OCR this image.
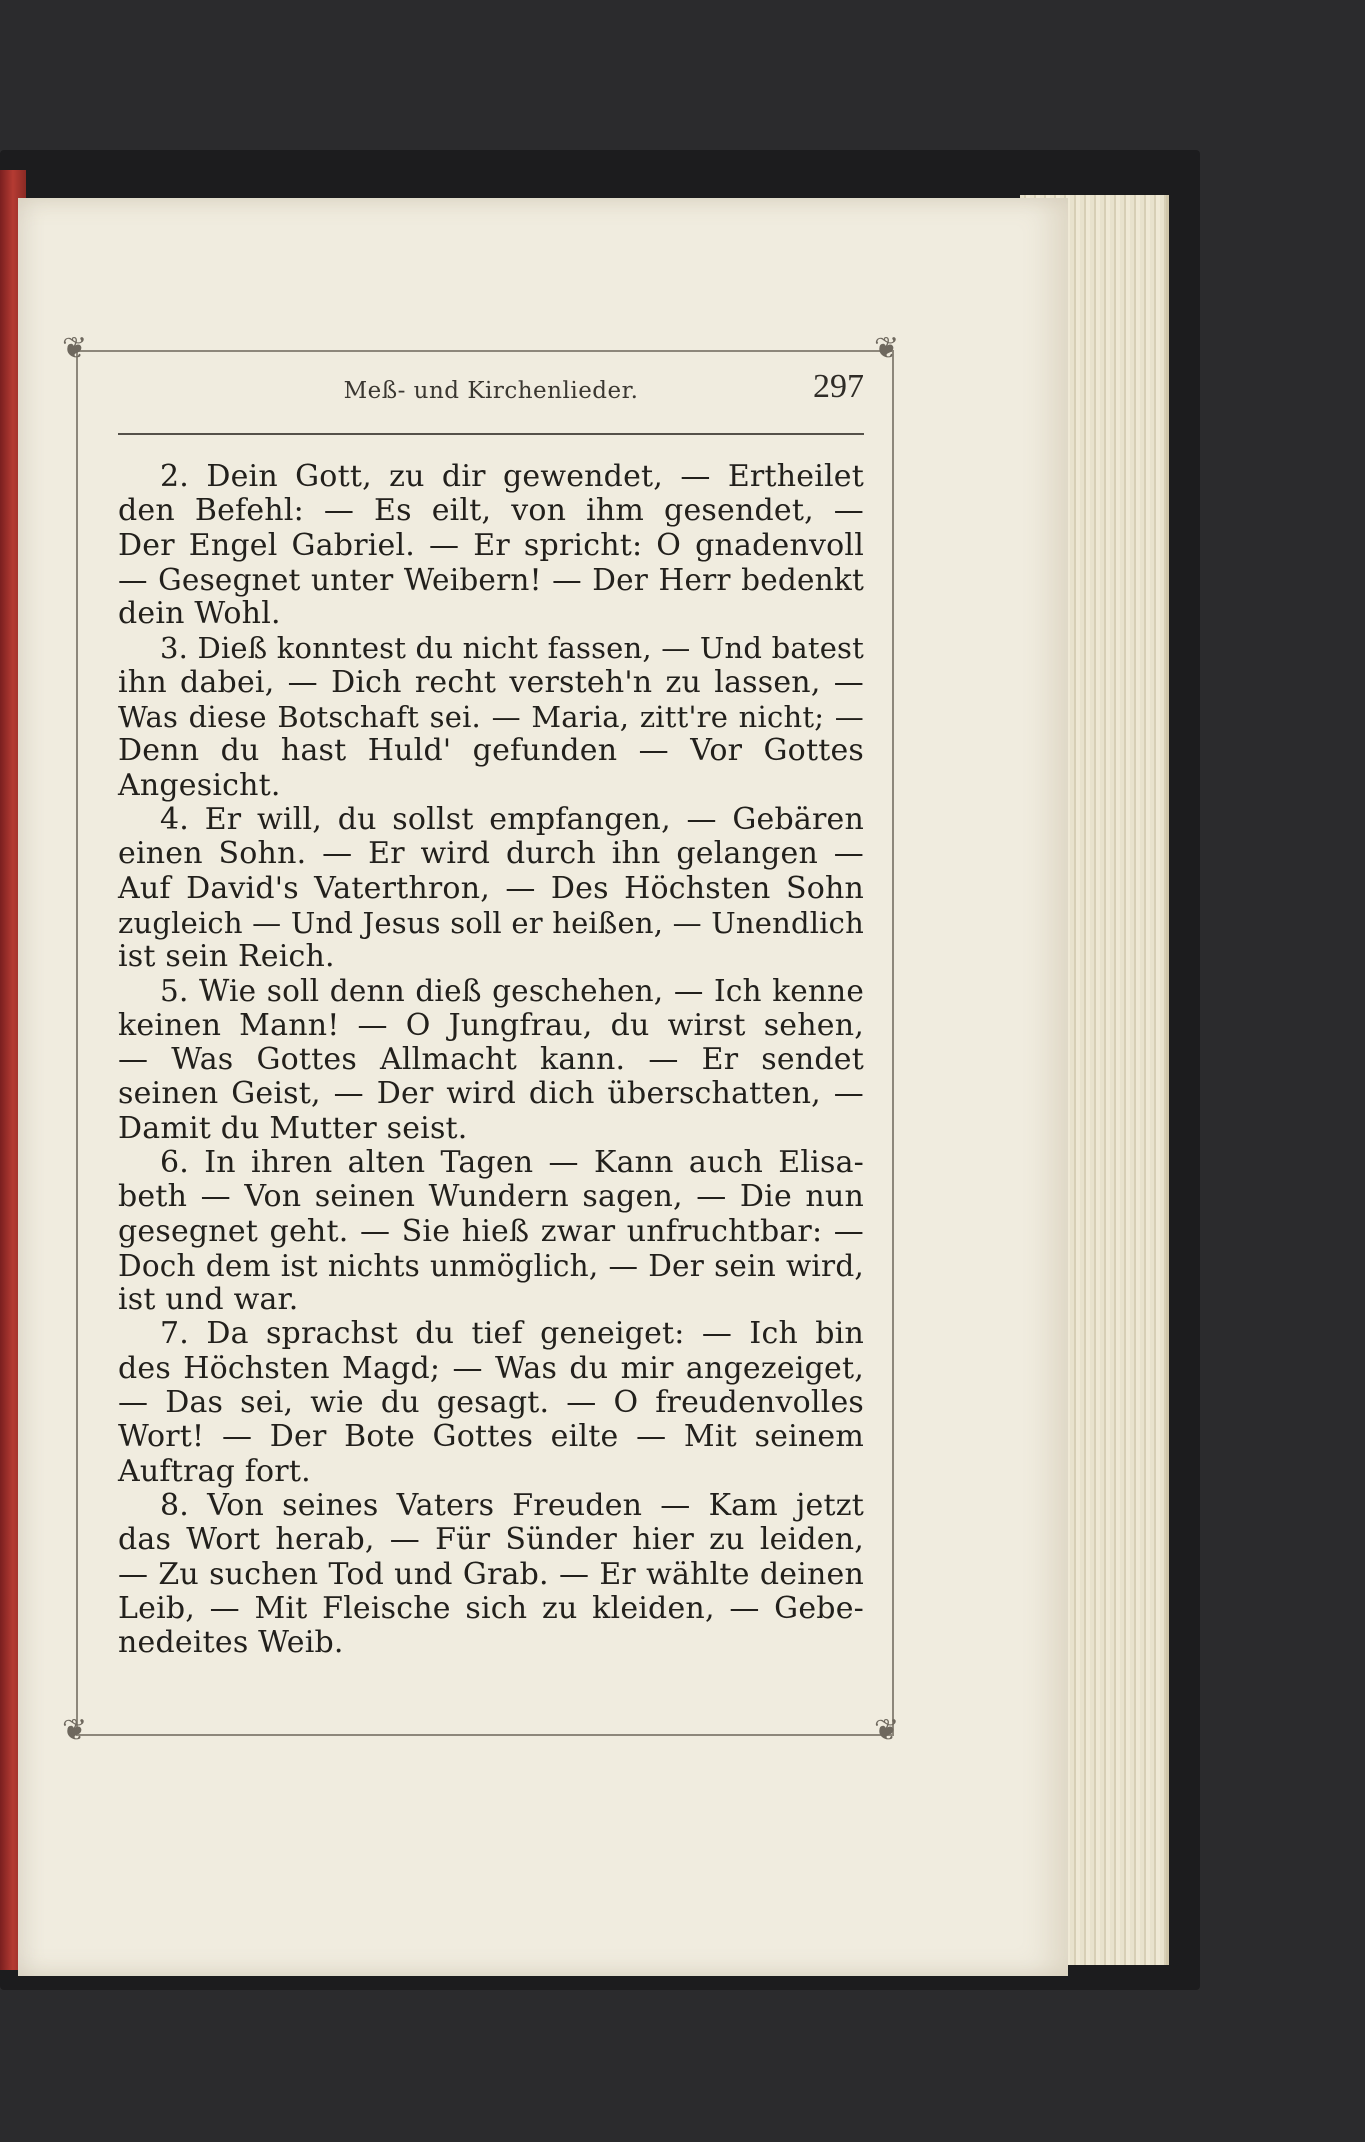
❦	❦
❦	❦
Meß- und Kirchenlieder.	297
2. Dein Gott, zu dir gewendet, — Ertheilet
den Befehl: — Es eilt, von ihm gesendet, —
Der Engel Gabriel. — Er spricht: O gnadenvoll
— Gesegnet unter Weibern! — Der Herr bedenkt
dein Wohl.
3. Dieß konntest du nicht fassen, — Und batest
ihn dabei, — Dich recht versteh'n zu lassen, —
Was diese Botschaft sei. — Maria, zitt're nicht; —
Denn du hast Huld' gefunden — Vor Gottes
Angesicht.
4. Er will, du sollst empfangen, — Gebären
einen Sohn. — Er wird durch ihn gelangen —
Auf David's Vaterthron, — Des Höchsten Sohn
zugleich — Und Jesus soll er heißen, — Unendlich
ist sein Reich.
5. Wie soll denn dieß geschehen, — Ich kenne
keinen Mann! — O Jungfrau, du wirst sehen,
— Was Gottes Allmacht kann. — Er sendet
seinen Geist, — Der wird dich überschatten, —
Damit du Mutter seist.
6. In ihren alten Tagen — Kann auch Elisa-
beth — Von seinen Wundern sagen, — Die nun
gesegnet geht. — Sie hieß zwar unfruchtbar: —
Doch dem ist nichts unmöglich, — Der sein wird,
ist und war.
7. Da sprachst du tief geneiget: — Ich bin
des Höchsten Magd; — Was du mir angezeiget,
— Das sei, wie du gesagt. — O freudenvolles
Wort! — Der Bote Gottes eilte — Mit seinem
Auftrag fort.
8. Von seines Vaters Freuden — Kam jetzt
das Wort herab, — Für Sünder hier zu leiden,
— Zu suchen Tod und Grab. — Er wählte deinen
Leib, — Mit Fleische sich zu kleiden, — Gebe-
nedeites Weib.
